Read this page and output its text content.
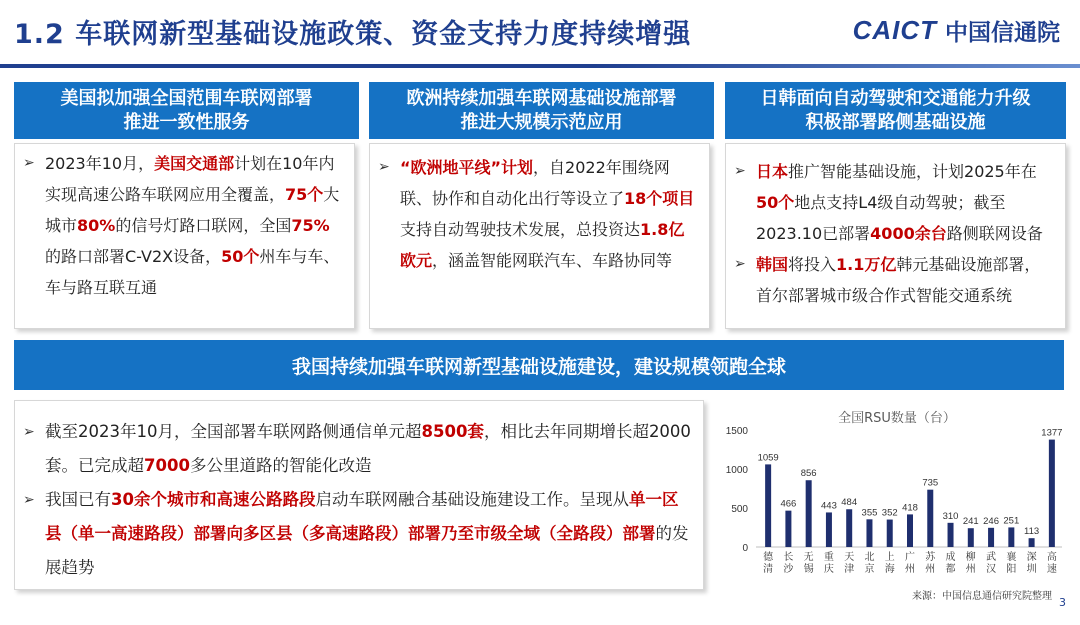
1.2 车联网新型基础设施政策、资金支持力度持续增强	CAICT 中国信通院
美国拟加强全国范围车联网部署
推进一致性服务
欧洲持续加强车联网基础设施部署
推进大规模示范应用
日韩面向自动驾驶和交通能力升级
积极部署路侧基础设施
➢ 2023年10月，美国交通部计划在10年内实现高速公路车联网应用全覆盖，75个大城市80%的信号灯路口联网，全国75%的路口部署C-V2X设备，50个州车与车、车与路互联互通
➢ “欧洲地平线”计划，自2022年围绕网联、协作和自动化出行等设立了18个项目支持自动驾驶技术发展，总投资达1.8亿欧元，涵盖智能网联汽车、车路协同等
➢ 日本推广智能基础设施，计划2025年在50个地点支持L4级自动驾驶；截至2023.10已部署4000余台路侧联网设备
➢ 韩国将投入1.1万亿韩元基础设施部署，首尔部署城市级合作式智能交通系统
我国持续加强车联网新型基础设施建设，建设规模领跑全球
➢ 截至2023年10月，全国部署车联网路侧通信单元超8500套，相比去年同期增长超2000套。已完成超7000多公里道路的智能化改造
➢ 我国已有30余个城市和高速公路路段启动车联网融合基础设施建设工作。呈现从单一区县（单一高速路段）部署向多区县（多高速路段）部署乃至市级全域（全路段）部署的发展趋势
全国RSU数量（台）
0
500
1000
1500
1059
德
清
466
长
沙
856
无
锡
443
重
庆
484
天
津
355
北
京
352
上
海
418
广
州
735
苏
州
310
成
都
241
柳
州
246
武
汉
251
襄
阳
113
深
圳
1377
高
速
来源：中国信息通信研究院整理 3
